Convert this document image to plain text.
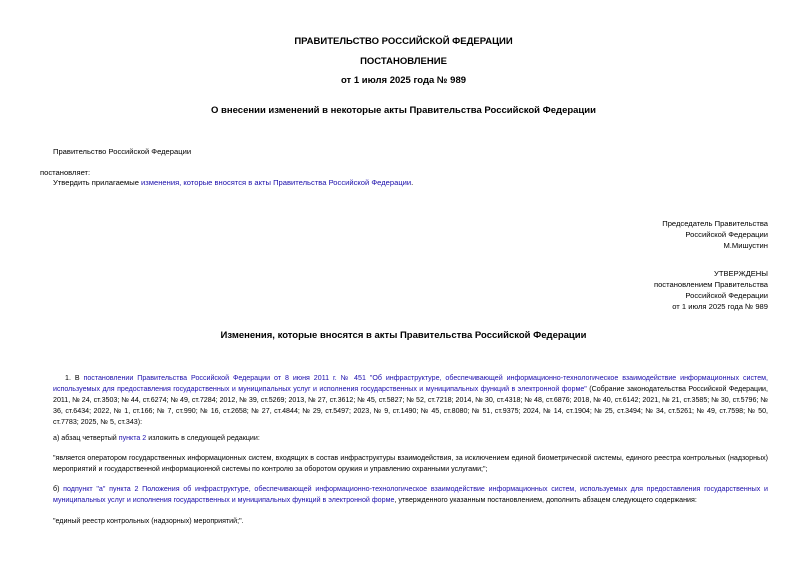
ПРАВИТЕЛЬСТВО РОССИЙСКОЙ ФЕДЕРАЦИИ
ПОСТАНОВЛЕНИЕ
от 1 июля 2025 года № 989
О внесении изменений в некоторые акты Правительства Российской Федерации
Правительство Российской Федерации
постановляет:
Утвердить прилагаемые изменения, которые вносятся в акты Правительства Российской Федерации.
Председатель Правительства
Российской Федерации
М.Мишустин
УТВЕРЖДЕНЫ
постановлением Правительства
Российской Федерации
от 1 июля 2025 года № 989
Изменения, которые вносятся в акты Правительства Российской Федерации
1. В постановлении Правительства Российской Федерации от 8 июня 2011 г. № 451 "Об инфраструктуре, обеспечивающей информационно-технологическое взаимодействие информационных систем, используемых для предоставления государственных и муниципальных услуг и исполнения государственных и муниципальных функций в электронной форме" (Собрание законодательства Российской Федерации, 2011, № 24, ст.3503; № 44, ст.6274; № 49, ст.7284; 2012, № 39, ст.5269; 2013, № 27, ст.3612; № 45, ст.5827; № 52, ст.7218; 2014, № 30, ст.4318; № 48, ст.6876; 2018, № 40, ст.6142; 2021, № 21, ст.3585; № 30, ст.5796; № 36, ст.6434; 2022, № 1, ст.166; № 7, ст.990; № 16, ст.2658; № 27, ст.4844; № 29, ст.5497; 2023, № 9, ст.1490; № 45, ст.8080; № 51, ст.9375; 2024, № 14, ст.1904; № 25, ст.3494; № 34, ст.5261; № 49, ст.7598; № 50, ст.7783; 2025, № 5, ст.343):
а) абзац четвертый пункта 2 изложить в следующей редакции:
"является оператором государственных информационных систем, входящих в состав инфраструктуры взаимодействия, за исключением единой биометрической системы, единого реестра контрольных (надзорных) мероприятий и государственной информационной системы по контролю за оборотом оружия и управлению охранными услугами;";
б) подпункт "а" пункта 2 Положения об инфраструктуре, обеспечивающей информационно-технологическое взаимодействие информационных систем, используемых для предоставления государственных и муниципальных услуг и исполнения государственных и муниципальных функций в электронной форме, утвержденного указанным постановлением, дополнить абзацем следующего содержания:
"единый реестр контрольных (надзорных) мероприятий;".
